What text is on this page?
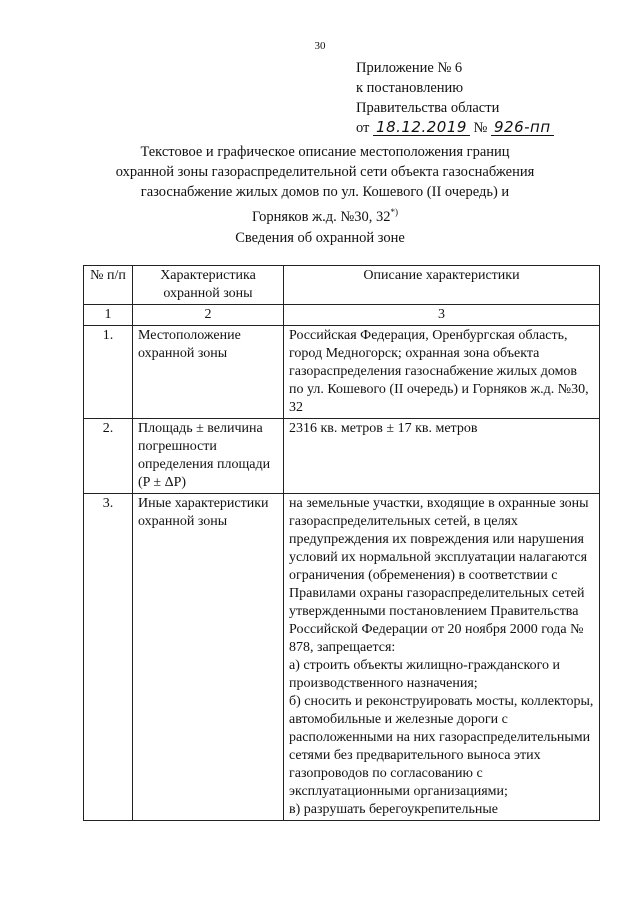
30
Приложение № 6
к постановлению
Правительства области
от 18.12.2019 № 926-пп
Текстовое и графическое описание местоположения границ
охранной зоны газораспределительной сети объекта газоснабжения
газоснабжение жилых домов по ул. Кошевого (II очередь) и
Горняков ж.д. №30, 32*)
Сведения об охранной зоне
№ п/п	Характеристика охранной зоны	Описание характеристики
1	2	3
1.	Местоположение охранной зоны	Российская Федерация, Оренбургская область, город Медногорск; охранная зона объекта газораспределения газоснабжение жилых домов по ул. Кошевого (II очередь) и Горняков ж.д. №30, 32
2.	Площадь ± величина погрешности определения площади (P ± ΔP)	2316 кв. метров ± 17 кв. метров
3.	Иные характеристики охранной зоны	на земельные участки, входящие в охранные зоны газораспределительных сетей, в целях предупреждения их повреждения или нарушения условий их нормальной эксплуатации налагаются ограничения (обременения) в соответствии с Правилами охраны газораспределительных сетей утвержденными постановлением Правительства Российской Федерации от 20 ноября 2000 года № 878, запрещается:

а) строить объекты жилищно-гражданского и производственного назначения;

б) сносить и реконструировать мосты, коллекторы, автомобильные и железные дороги с расположенными на них газораспределительными сетями без предварительного выноса этих газопроводов по согласованию с эксплуатационными организациями;

в) разрушать берегоукрепительные
